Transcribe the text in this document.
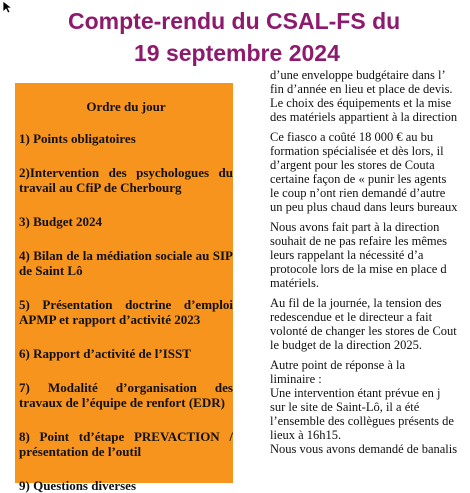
Compte-rendu du CSAL-FS du
19 septembre 2024
Ordre du jour
1) Points obligatoires
2)Intervention des psychologues du travail au CfiP de Cherbourg
3) Budget 2024
4) Bilan de la médiation sociale au SIP de Saint Lô
5) Présentation doctrine d’emploi APMP et rapport d’activité 2023
6) Rapport d’activité de l’ISST
7) Modalité d’organisation des travaux de l’équipe de renfort (EDR)
8) Point td’étape PREVACTION / présentation de l’outil
9) Questions diverses

d’une enveloppe budgétaire dans l’
fin d’année en lieu et place de devis.
Le choix des équipements et la mise
des matériels appartient à la direction

Ce fiasco a coûté 18 000 € au bu
formation spécialisée et dès lors, il
d’argent pour les stores de Couta
certaine façon de « punir les agents
le coup n’ont rien demandé d’autre
un peu plus chaud dans leurs bureaux

Nous avons fait part à la direction
souhait de ne pas refaire les mêmes
leurs rappelant la nécessité d’a
protocole lors de la mise en place d
matériels.

Au fil de la journée, la tension des
redescendue et le directeur a fait
volonté de changer les stores de Cout
le budget de la direction 2025.

Autre point de réponse à la
liminaire :
Une intervention étant prévue en j
sur le site de Saint-Lô, il a été
l’ensemble des collègues présents de
lieux à 16h15.
Nous vous avons demandé de banalis
